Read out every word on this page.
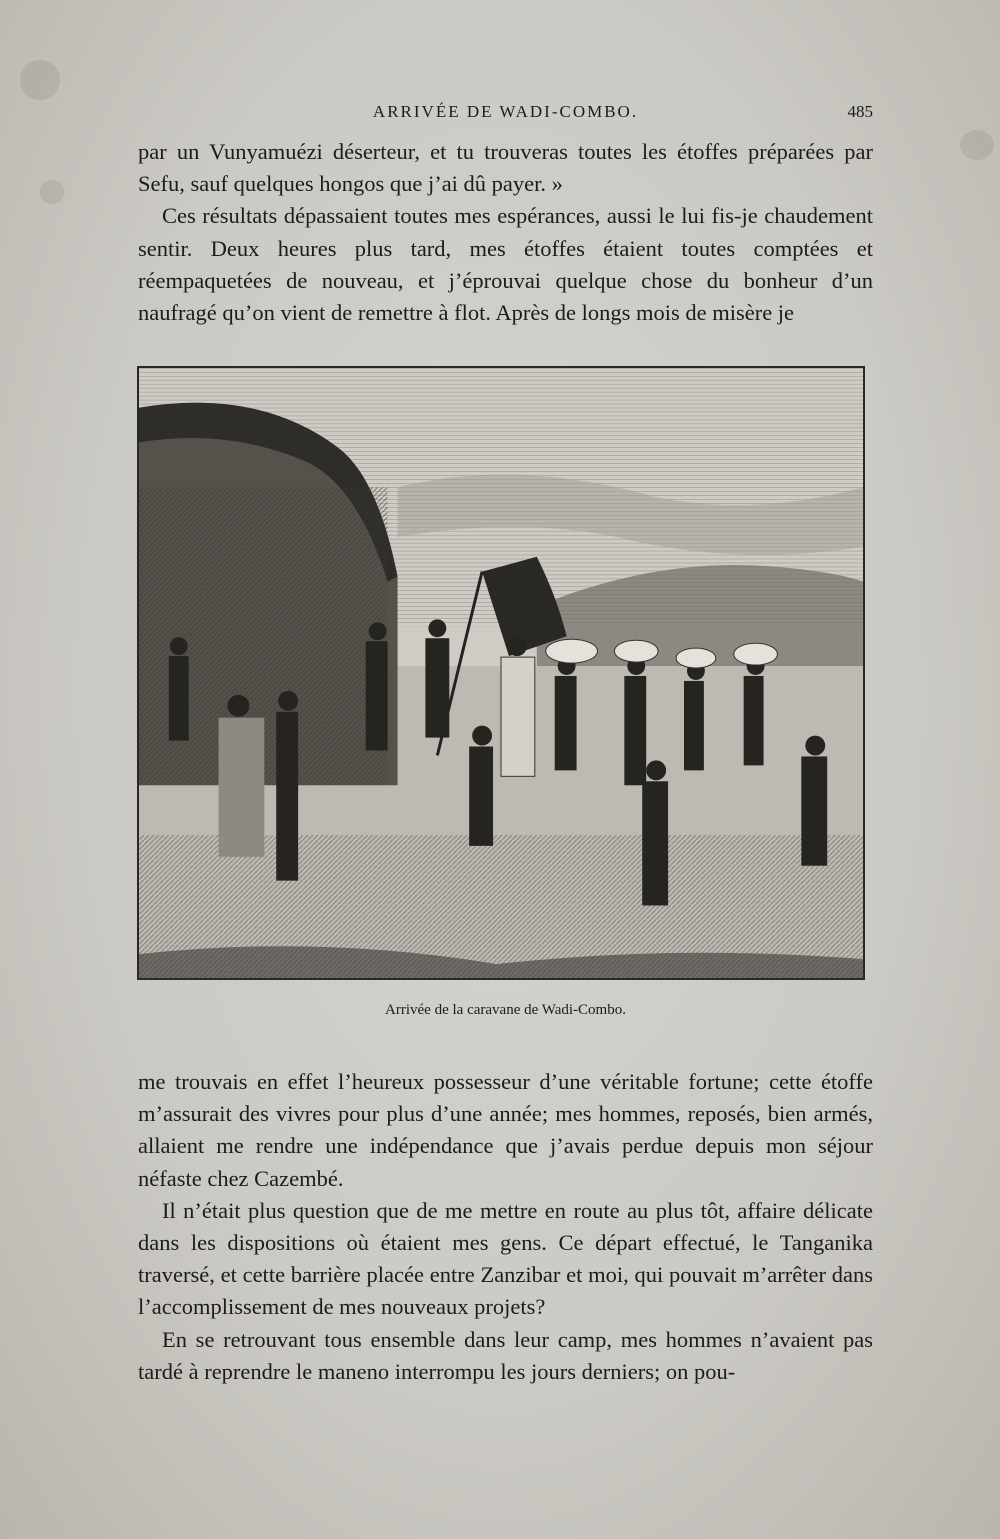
ARRIVÉE DE WADI-COMBO.	485

par un Vunyamuézi déserteur, et tu trouveras toutes les étoffes préparées par Sefu, sauf quelques hongos que j’ai dû payer. »

Ces résultats dépassaient toutes mes espérances, aussi le lui fis-je chaudement sentir. Deux heures plus tard, mes étoffes étaient toutes comptées et réempaquetées de nouveau, et j’éprouvai quelque chose du bonheur d’un naufragé qu’on vient de remettre à flot. Après de longs mois de misère je

Arrivée de la caravane de Wadi-Combo.

me trouvais en effet l’heureux possesseur d’une véritable fortune; cette étoffe m’assurait des vivres pour plus d’une année; mes hommes, reposés, bien armés, allaient me rendre une indépendance que j’avais perdue depuis mon séjour néfaste chez Cazembé.

Il n’était plus question que de me mettre en route au plus tôt, affaire délicate dans les dispositions où étaient mes gens. Ce départ effectué, le Tanganika traversé, et cette barrière placée entre Zanzibar et moi, qui pouvait m’arrêter dans l’accomplissement de mes nouveaux projets?

En se retrouvant tous ensemble dans leur camp, mes hommes n’avaient pas tardé à reprendre le maneno interrompu les jours derniers; on pou-
